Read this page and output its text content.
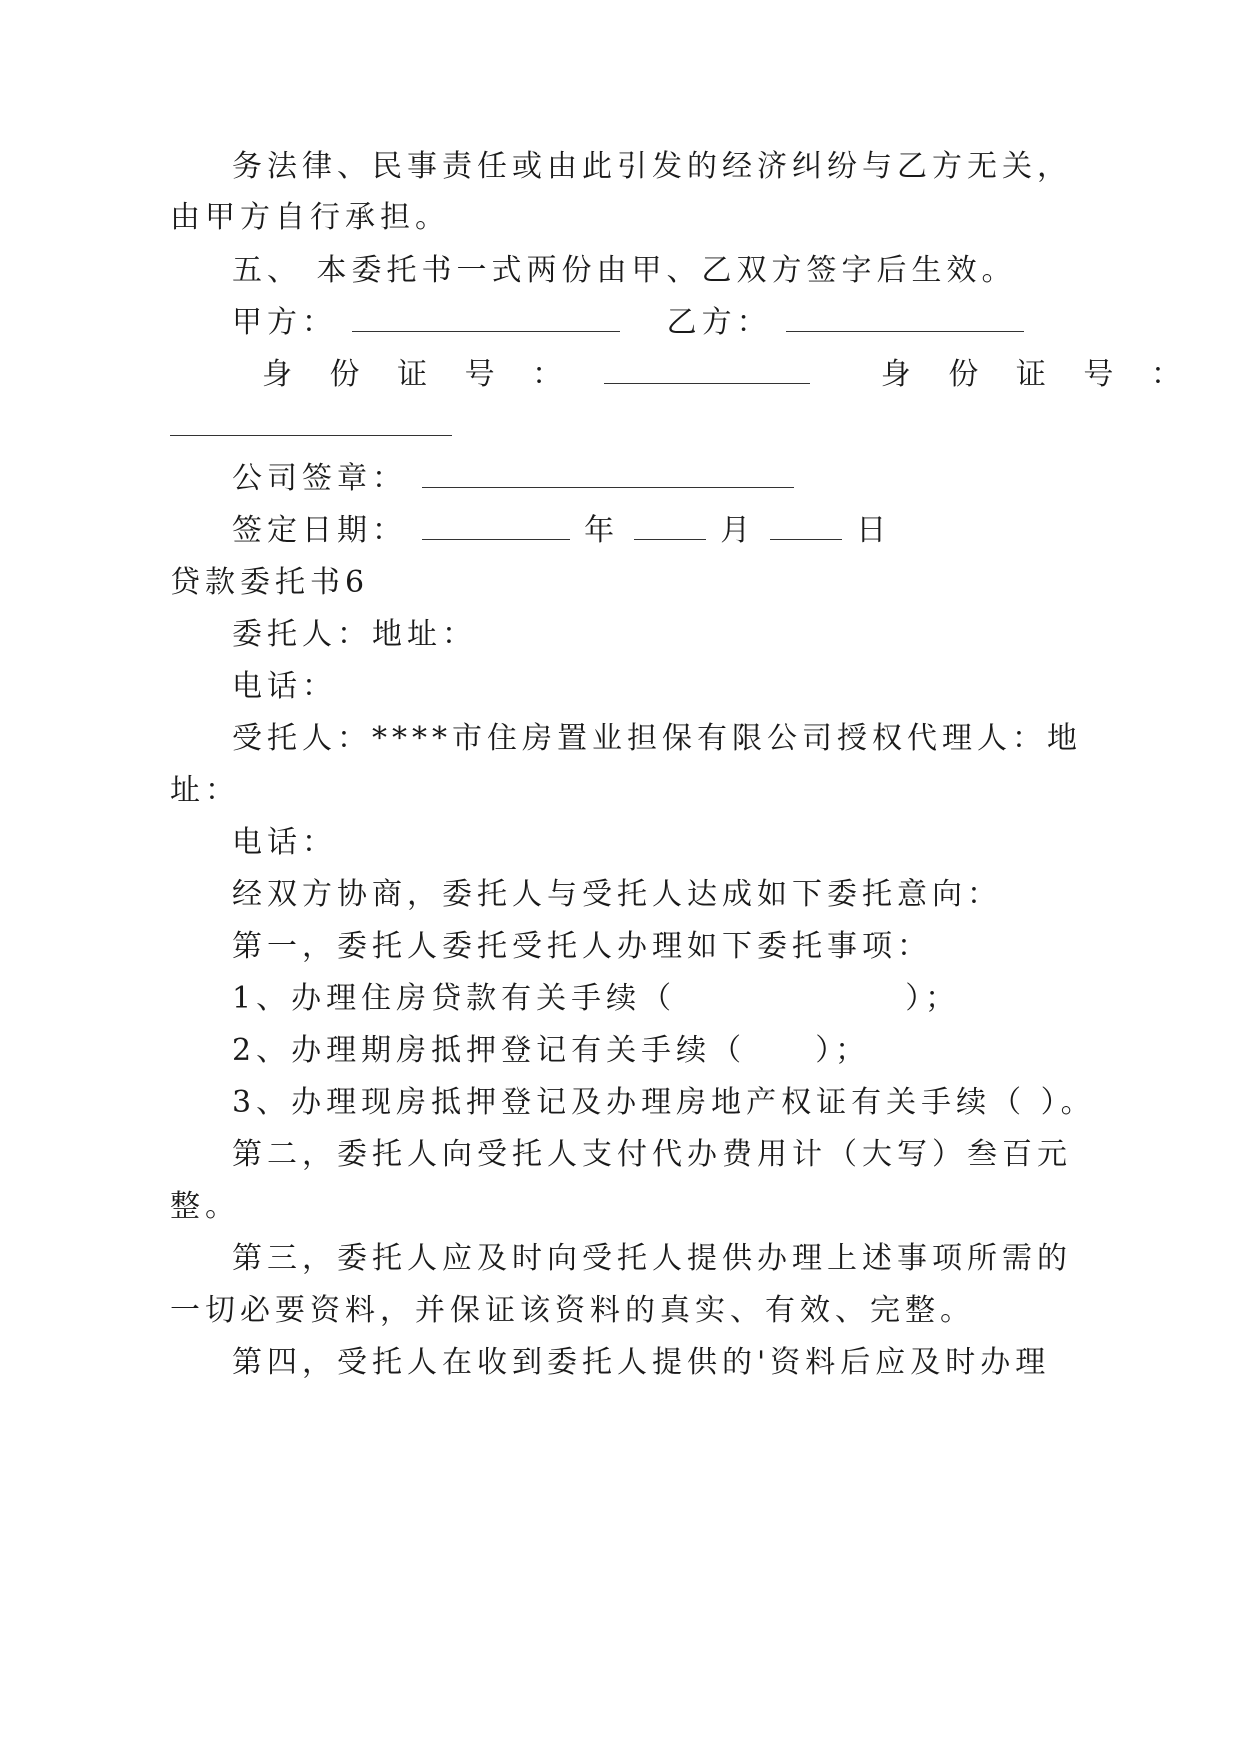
务法律、民事责任或由此引发的经济纠纷与乙方无关，
由甲方自行承担。
五、 本委托书一式两份由甲、乙双方签字后生效。
甲方：	乙方：
身 份 证 号 ：	身 份 证 号 ：
公司签章：
签定日期：	年	月	日
贷款委托书6
委托人：地址：
电话：
受托人：****市住房置业担保有限公司授权代理人：地
址：
电话：
经双方协商，委托人与受托人达成如下委托意向：
第一，委托人委托受托人办理如下委托事项：
1、办理住房贷款有关手续（	）；
2、办理期房抵押登记有关手续（ ）；
3、办理现房抵押登记及办理房地产权证有关手续（ ）。
第二，委托人向受托人支付代办费用计（大写）叁百元
整。
第三，委托人应及时向受托人提供办理上述事项所需的
一切必要资料，并保证该资料的真实、有效、完整。
第四，受托人在收到委托人提供的'资料后应及时办理
